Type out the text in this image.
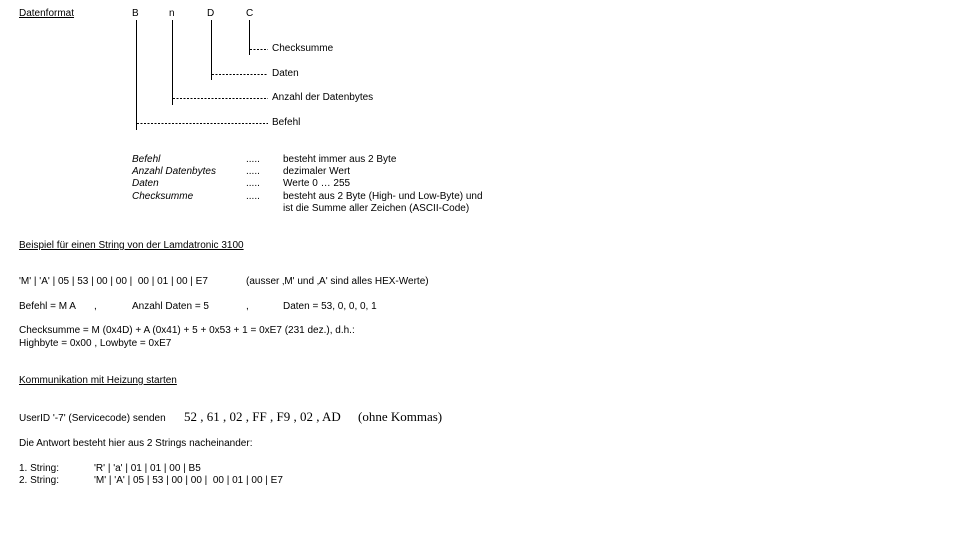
Datenformat	B	n	D	C
Checksumme
Daten
Anzahl der Datenbytes
Befehl
Befehl	..... besteht immer aus 2 Byte
Anzahl Datenbytes	..... dezimaler Wert
Daten	..... Werte 0 … 255
Checksumme	..... besteht aus 2 Byte (High- und Low-Byte) und
ist die Summe aller Zeichen (ASCII-Code)
Beispiel für einen String von der Lamdatronic 3100
'M' | 'A' | 05 | 53 | 00 | 00 |  00 | 01 | 00 | E7	(ausser ‚M' und ‚A' sind alles HEX-Werte)
Befehl = M A ,	Anzahl Daten = 5	,	Daten = 53, 0, 0, 0, 1
Checksumme = M (0x4D) + A (0x41) + 5 + 0x53 + 1 = 0xE7 (231 dez.), d.h.:
Highbyte = 0x00 , Lowbyte = 0xE7
Kommunikation mit Heizung starten
UserID '-7' (Servicecode) senden 52 , 61 , 02 , FF , F9 , 02 , AD (ohne Kommas)
Die Antwort besteht hier aus 2 Strings nacheinander:
1. String:	'R' | 'a' | 01 | 01 | 00 | B5
2. String:	'M' | 'A' | 05 | 53 | 00 | 00 |  00 | 01 | 00 | E7
